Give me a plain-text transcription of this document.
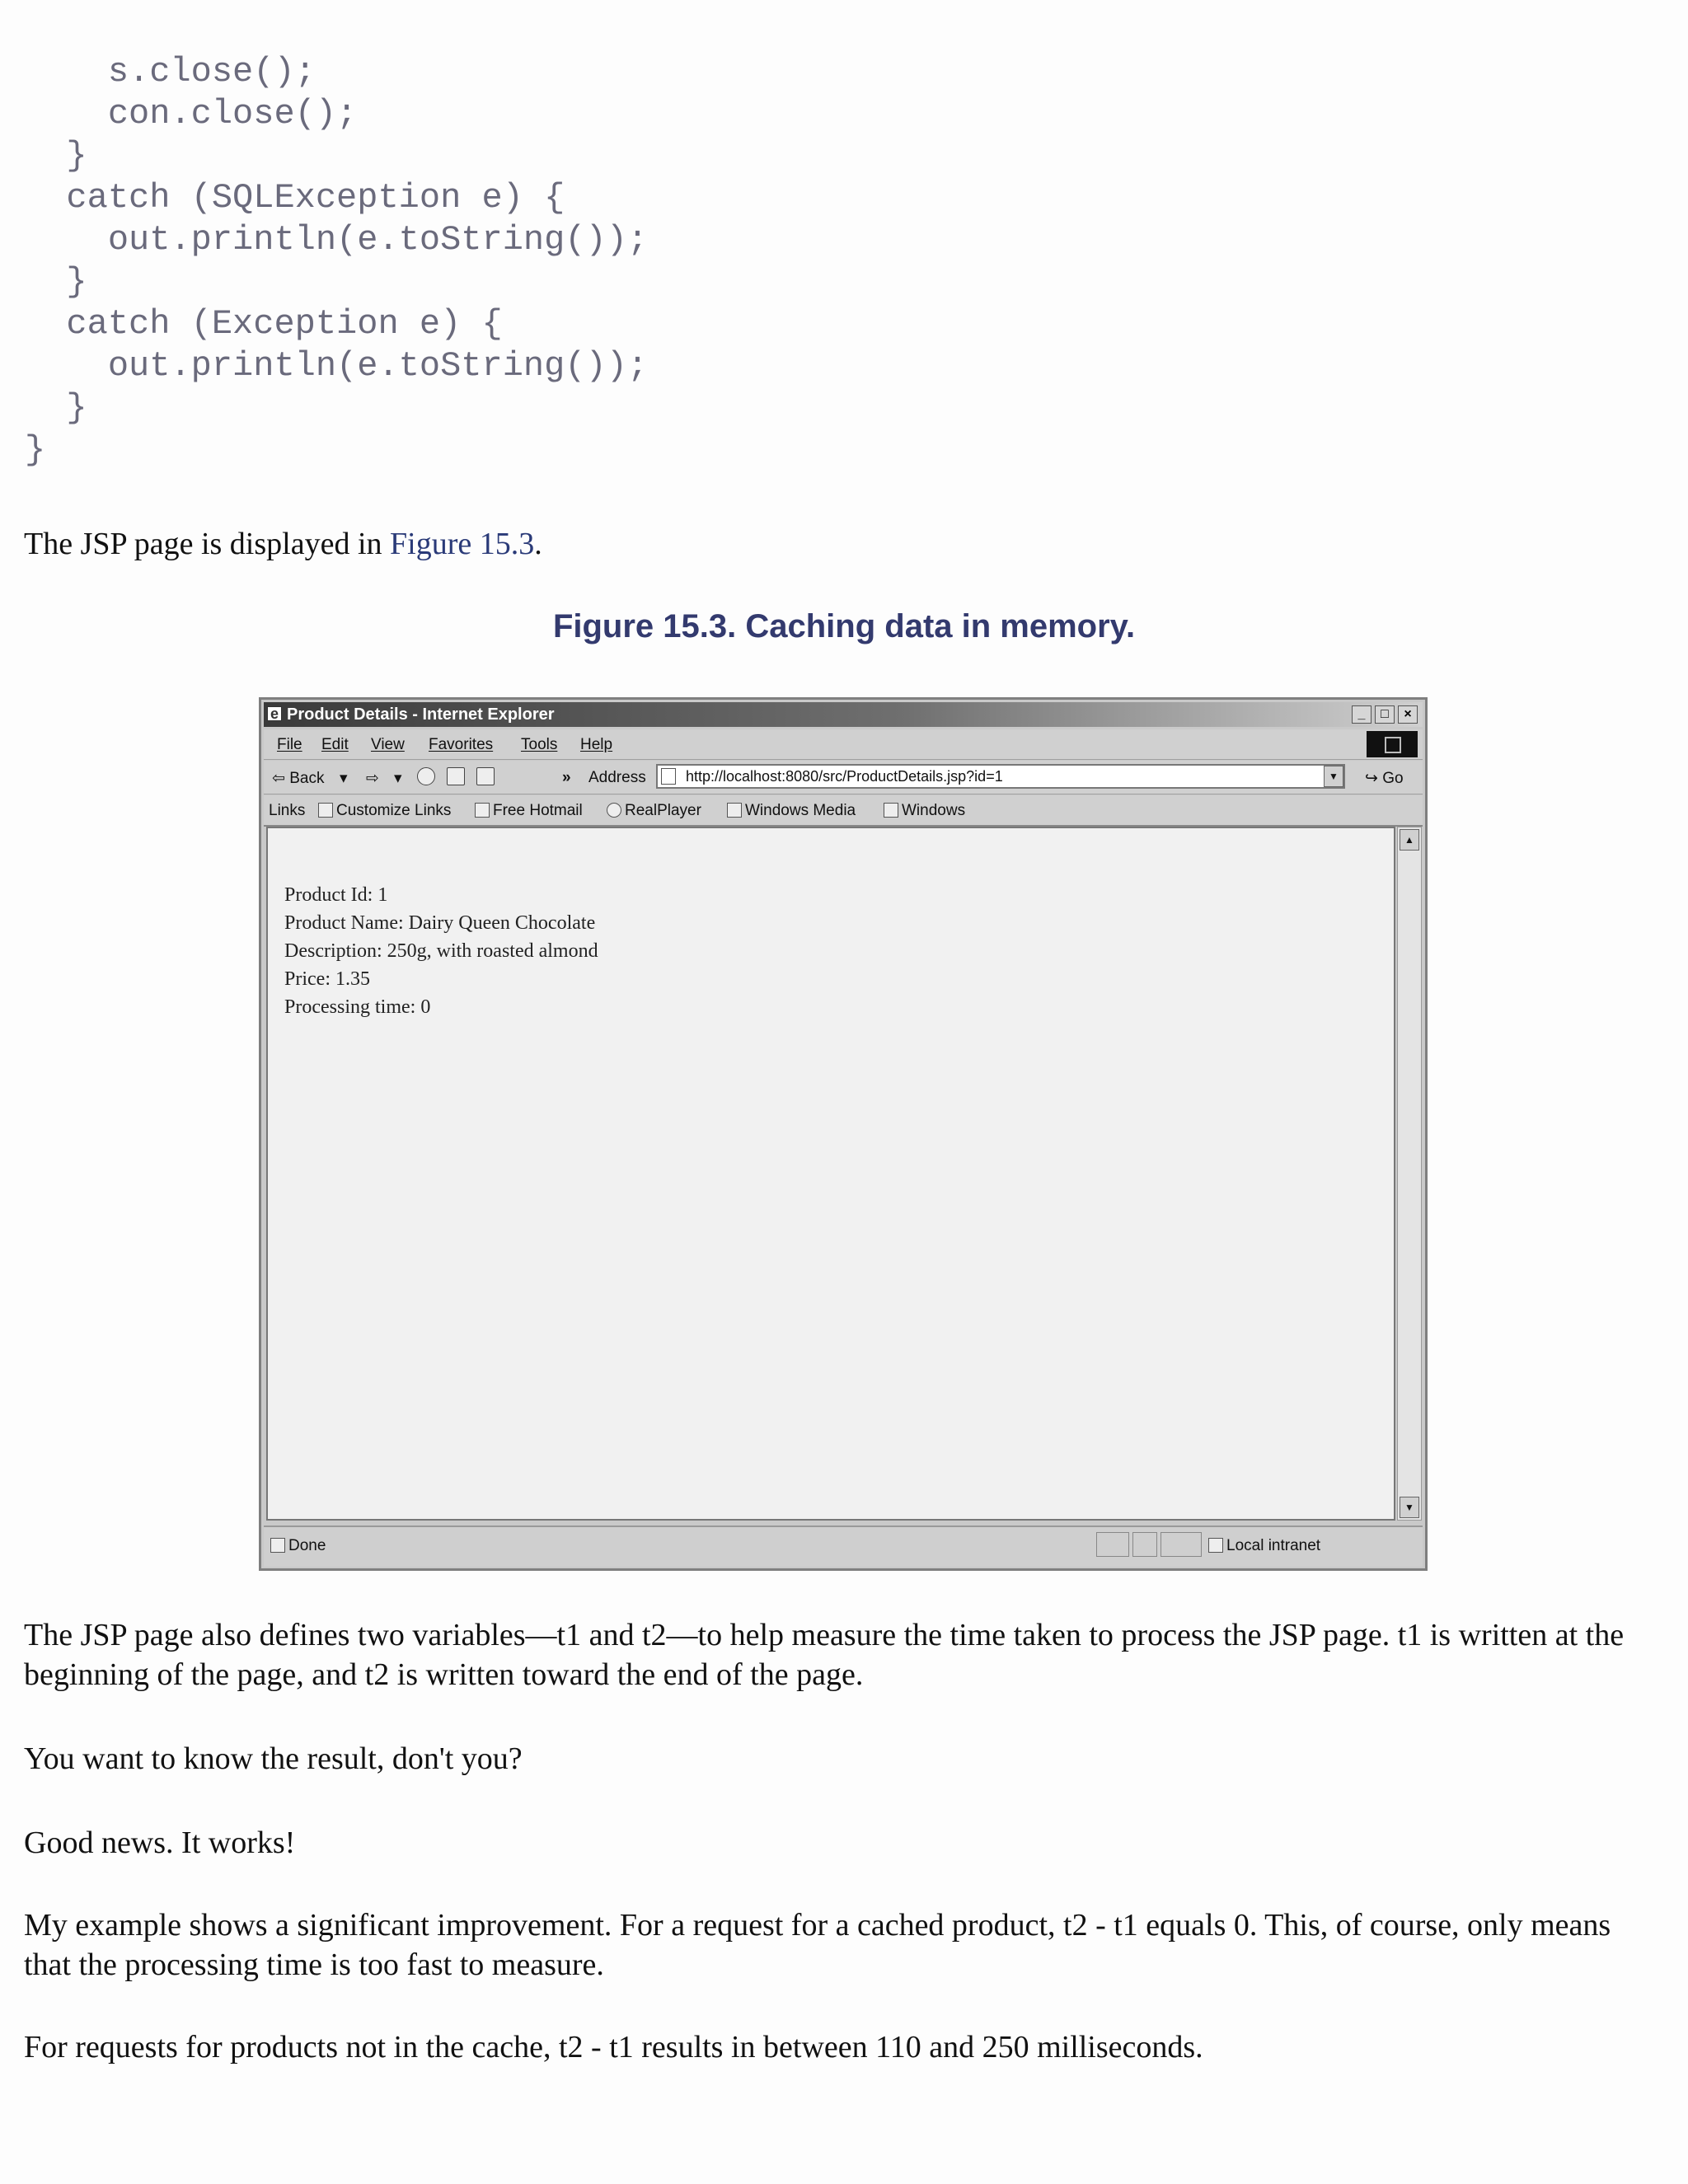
s.close();
con.close();
}
catch (SQLException e) {
out.println(e.toString());
}
catch (Exception e) {
out.println(e.toString());
}
}

The JSP page is displayed in Figure 15.3.

Figure 15.3. Caching data in memory.
e
Product Details - Internet Explorer	_	□	×
File Edit View Favorites Tools Help
⇦ Back ▾ ⇨ ▾	» Address	http://localhost:8080/src/ProductDetails.jsp?id=1	▼	↪ Go
Links	Customize Links	Free Hotmail	RealPlayer	Windows Media	Windows
Product Id: 1
Product Name: Dairy Queen Chocolate
Description: 250g, with roasted almond
Price: 1.35
Processing time: 0
▲
▼
Done	Local intranet

The JSP page also defines two variables—t1 and t2—to help measure the time taken to process the JSP page. t1 is written at the beginning of the page, and t2 is written toward the end of the page.

You want to know the result, don't you?

Good news. It works!

My example shows a significant improvement. For a request for a cached product, t2 - t1 equals 0. This, of course, only means that the processing time is too fast to measure.

For requests for products not in the cache, t2 - t1 results in between 110 and 250 milliseconds.
